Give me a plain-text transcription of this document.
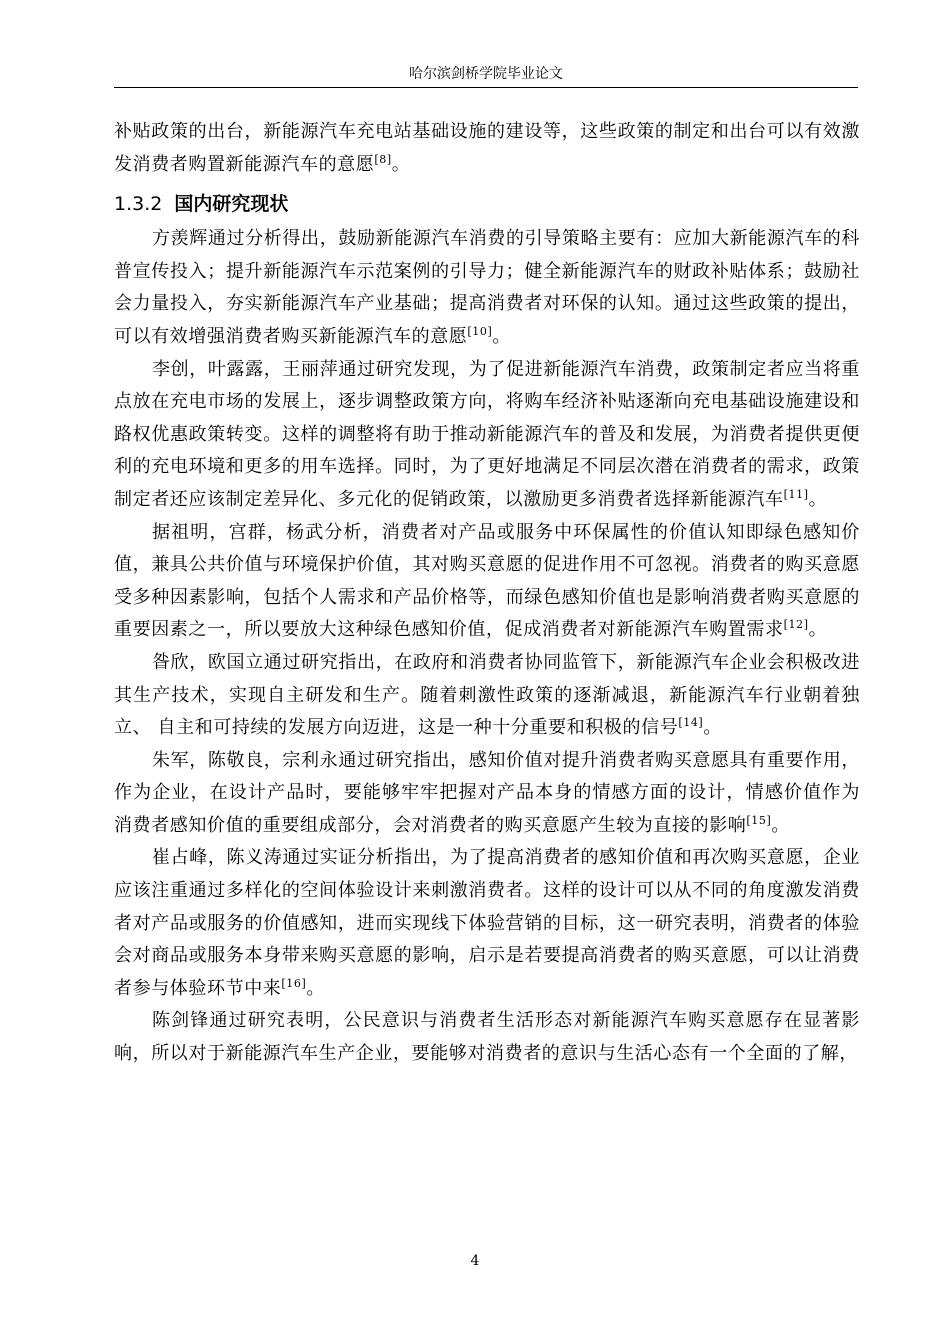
哈尔滨剑桥学院毕业论文

补贴政策的出台，新能源汽车充电站基础设施的建设等，这些政策的制定和出台可以有效激发消费者购置新能源汽车的意愿[8]。

1.3.2 国内研究现状

方羡辉通过分析得出，鼓励新能源汽车消费的引导策略主要有：应加大新能源汽车的科普宣传投入；提升新能源汽车示范案例的引导力；健全新能源汽车的财政补贴体系；鼓励社会力量投入，夯实新能源汽车产业基础；提高消费者对环保的认知。通过这些政策的提出，可以有效增强消费者购买新能源汽车的意愿[10]。

李创，叶露露，王丽萍通过研究发现，为了促进新能源汽车消费，政策制定者应当将重点放在充电市场的发展上，逐步调整政策方向，将购车经济补贴逐渐向充电基础设施建设和路权优惠政策转变。这样的调整将有助于推动新能源汽车的普及和发展，为消费者提供更便利的充电环境和更多的用车选择。同时，为了更好地满足不同层次潜在消费者的需求，政策制定者还应该制定差异化、多元化的促销政策，以激励更多消费者选择新能源汽车[11]。

据祖明，宫群，杨武分析，消费者对产品或服务中环保属性的价值认知即绿色感知价值，兼具公共价值与环境保护价值，其对购买意愿的促进作用不可忽视。消费者的购买意愿受多种因素影响，包括个人需求和产品价格等，而绿色感知价值也是影响消费者购买意愿的重要因素之一，所以要放大这种绿色感知价值，促成消费者对新能源汽车购置需求[12]。

昝欣，欧国立通过研究指出，在政府和消费者协同监管下，新能源汽车企业会积极改进其生产技术，实现自主研发和生产。随着刺激性政策的逐渐减退，新能源汽车行业朝着独立、 自主和可持续的发展方向迈进，这是一种十分重要和积极的信号[14]。

朱军，陈敬良，宗利永通过研究指出，感知价值对提升消费者购买意愿具有重要作用， 作为企业，在设计产品时，要能够牢牢把握对产品本身的情感方面的设计，情感价值作为 消费者感知价值的重要组成部分，会对消费者的购买意愿产生较为直接的影响[15]。

崔占峰，陈义涛通过实证分析指出，为了提高消费者的感知价值和再次购买意愿，企业应该注重通过多样化的空间体验设计来刺激消费者。这样的设计可以从不同的角度激发消费者对产品或服务的价值感知，进而实现线下体验营销的目标，这一研究表明，消费者的体验会对商品或服务本身带来购买意愿的影响，启示是若要提高消费者的购买意愿，可以让消费者参与体验环节中来[16]。

陈剑锋通过研究表明，公民意识与消费者生活形态对新能源汽车购买意愿存在显著影响，所以对于新能源汽车生产企业，要能够对消费者的意识与生活心态有一个全面的了解，

4
